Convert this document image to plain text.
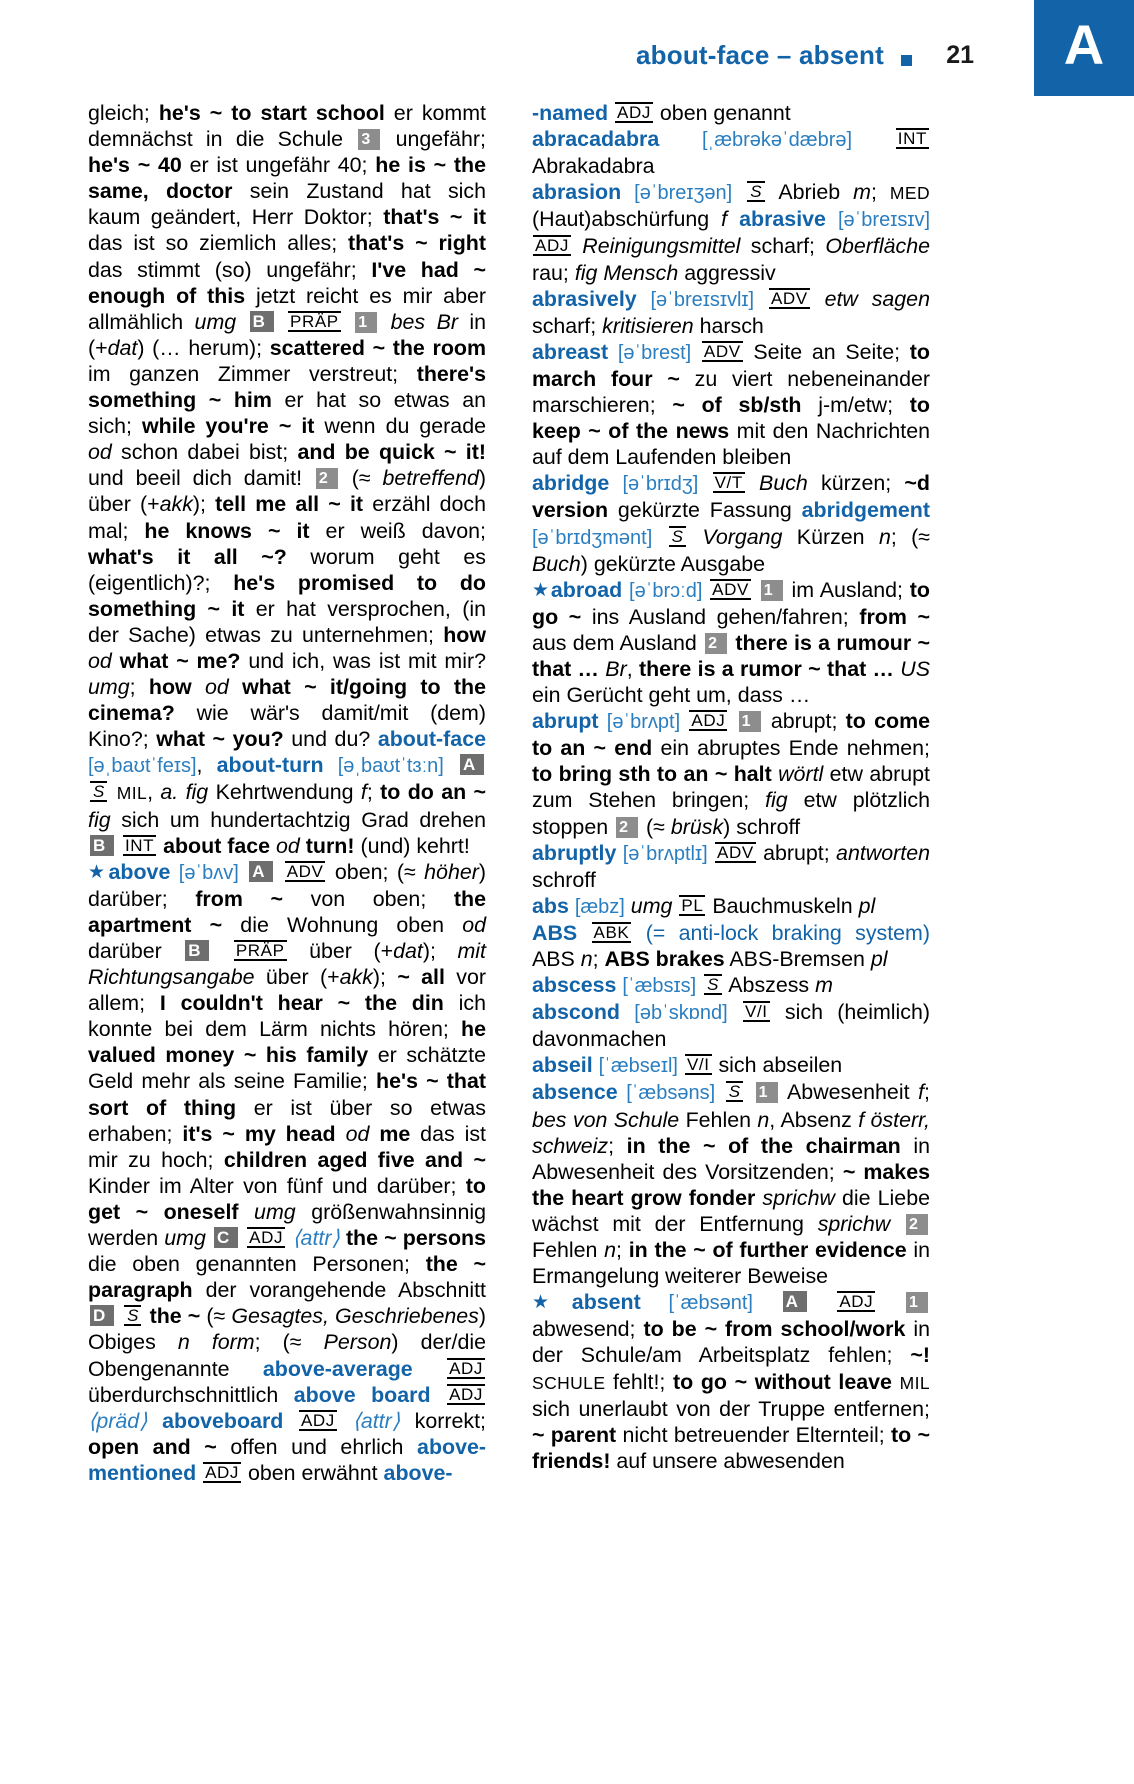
about-face – absent 21	A
gleich; he's ~ to start school er kommt demnächst in die Schule 3 ungefähr; he's ~ 40 er ist ungefähr 40; he is ~ the same, doctor sein Zustand hat sich kaum geändert, Herr Doktor; that's ~ it das ist so ziemlich alles; that's ~ right das stimmt (so) ungefähr; I've had ~ enough of this jetzt reicht es mir aber allmählich umg B PRÄP 1 bes Br in (+dat) (… herum); scattered ~ the room im ganzen Zimmer verstreut; there's something ~ him er hat so etwas an sich; while you're ~ it wenn du gerade od schon dabei bist; and be quick ~ it! und beeil dich damit! 2 (≈ betreffend) über (+akk); tell me all ~ it erzähl doch mal; he knows ~ it er weiß davon; what's it all ~? worum geht es (eigentlich)?; he's promised to do something ~ it er hat versprochen, (in der Sache) etwas zu unternehmen; how od what ~ me? und ich, was ist mit mir? umg; how od what ~ it/going to the cinema? wie wär's damit/mit (dem) Kino?; what ~ you? und du? about-face [əˌbaʊtˈfeɪs], about-turn [əˌbaʊtˈtɜːn] A S MIL, a. fig Kehrtwendung f; to do an ~ fig sich um hundertachtzig Grad drehen B INT about face od turn! (und) kehrt!
★above [əˈbʌv] A ADV oben; (≈ höher) darüber; from ~ von oben; the apartment ~ die Wohnung oben od darüber B PRÄP über (+dat); mit Richtungsangabe über (+akk); ~ all vor allem; I couldn't hear ~ the din ich konnte bei dem Lärm nichts hören; he valued money ~ his family er schätzte Geld mehr als seine Familie; he's ~ that sort of thing er ist über so etwas erhaben; it's ~ my head od me das ist mir zu hoch; children aged five and ~ Kinder im Alter von fünf und darüber; to get ~ oneself umg größenwahnsinnig werden umg C ADJ ⟨attr⟩ the ~ persons die oben genannten Personen; the ~ paragraph der vorangehende Abschnitt D S the ~ (≈ Gesagtes, Geschriebenes) Obiges n form; (≈ Person) der/die Obengenannte above-average ADJ überdurchschnittlich above board ADJ ⟨präd⟩ aboveboard ADJ ⟨attr⟩ korrekt; open and ~ offen und ehrlich above-mentioned ADJ oben erwähnt above-
-named ADJ oben genannt
abracadabra [ˌæbrəkəˈdæbrə]	INT Abrakadabra
abrasion [əˈbreɪʒən] S Abrieb m; MED (Haut)abschürfung f abrasive [əˈbreɪsɪv] ADJ Reinigungsmittel scharf; Oberfläche rau; fig Mensch aggressiv
abrasively [əˈbreɪsɪvlɪ] ADV etw sagen scharf; kritisieren harsch
abreast [əˈbrest] ADV Seite an Seite; to march four ~ zu viert nebeneinander marschieren; ~ of sb/sth j-m/etw; to keep ~ of the news mit den Nachrichten auf dem Laufenden bleiben
abridge [əˈbrɪdʒ] V/T Buch kürzen; ~d version gekürzte Fassung abridgement [əˈbrɪdʒmənt] S Vorgang Kürzen n; (≈ Buch) gekürzte Ausgabe
★abroad [əˈbrɔːd] ADV 1 im Ausland; to go ~ ins Ausland gehen/fahren; from ~ aus dem Ausland 2 there is a rumour ~ that … Br, there is a rumor ~ that … US ein Gerücht geht um, dass …
abrupt [əˈbrʌpt] ADJ 1 abrupt; to come to an ~ end ein abruptes Ende nehmen; to bring sth to an ~ halt wörtl etw abrupt zum Stehen bringen; fig etw plötzlich stoppen 2 (≈ brüsk) schroff
abruptly [əˈbrʌptlɪ] ADV abrupt; antworten schroff
abs [æbz] umg PL Bauchmuskeln pl
ABS ABK (= anti-lock braking system) ABS n; ABS brakes ABS-Bremsen pl
abscess [ˈæbsɪs] S Abszess m
abscond [əbˈskɒnd] V/I sich (heimlich) davonmachen
abseil [ˈæbseɪl] V/I sich abseilen
absence [ˈæbsəns] S 1 Abwesenheit f; bes von Schule Fehlen n, Absenz f österr, schweiz; in the ~ of the chairman in Abwesenheit des Vorsitzenden; ~ makes the heart grow fonder sprichw die Liebe wächst mit der Entfernung sprichw 2 Fehlen n; in the ~ of further evidence in Ermangelung weiterer Beweise
★absent [ˈæbsənt] A ADJ 1 abwesend; to be ~ from school/work in der Schule/am Arbeitsplatz fehlen; ~! SCHULE fehlt!; to go ~ without leave MIL sich unerlaubt von der Truppe entfernen; ~ parent nicht betreuender Elternteil; to ~ friends! auf unsere abwesenden
